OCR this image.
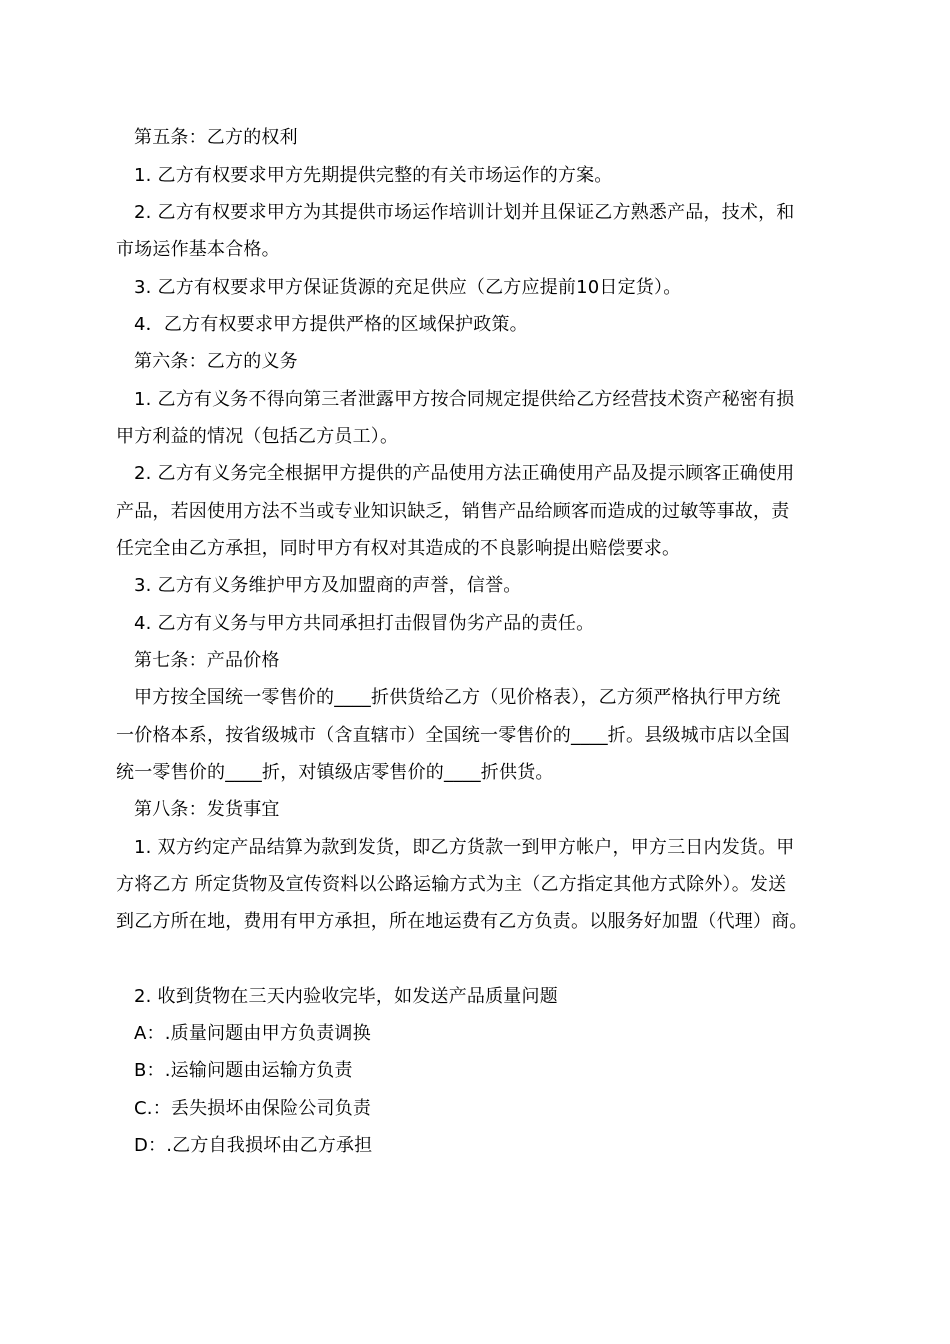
第五条：乙方的权利
1. 乙方有权要求甲方先期提供完整的有关市场运作的方案。
2. 乙方有权要求甲方为其提供市场运作培训计划并且保证乙方熟悉产品，技术，和
市场运作基本合格。
3. 乙方有权要求甲方保证货源的充足供应（乙方应提前10日定货）。
4．乙方有权要求甲方提供严格的区域保护政策。
第六条：乙方的义务
1. 乙方有义务不得向第三者泄露甲方按合同规定提供给乙方经营技术资产秘密有损
甲方利益的情况（包括乙方员工）。
2. 乙方有义务完全根据甲方提供的产品使用方法正确使用产品及提示顾客正确使用
产品，若因使用方法不当或专业知识缺乏，销售产品给顾客而造成的过敏等事故，责
任完全由乙方承担，同时甲方有权对其造成的不良影响提出赔偿要求。
3. 乙方有义务维护甲方及加盟商的声誉，信誉。
4. 乙方有义务与甲方共同承担打击假冒伪劣产品的责任。
第七条：产品价格
甲方按全国统一零售价的____折供货给乙方（见价格表），乙方须严格执行甲方统
一价格本系，按省级城市（含直辖市）全国统一零售价的____折。县级城市店以全国
统一零售价的____折，对镇级店零售价的____折供货。
第八条：发货事宜
1. 双方约定产品结算为款到发货，即乙方货款一到甲方帐户，甲方三日内发货。甲
方将乙方 所定货物及宣传资料以公路运输方式为主（乙方指定其他方式除外）。发送
到乙方所在地，费用有甲方承担，所在地运费有乙方负责。以服务好加盟（代理）商。
2. 收到货物在三天内验收完毕，如发送产品质量问题
A：.质量问题由甲方负责调换
B：.运输问题由运输方负责
C.：丢失损坏由保险公司负责
D：.乙方自我损坏由乙方承担
